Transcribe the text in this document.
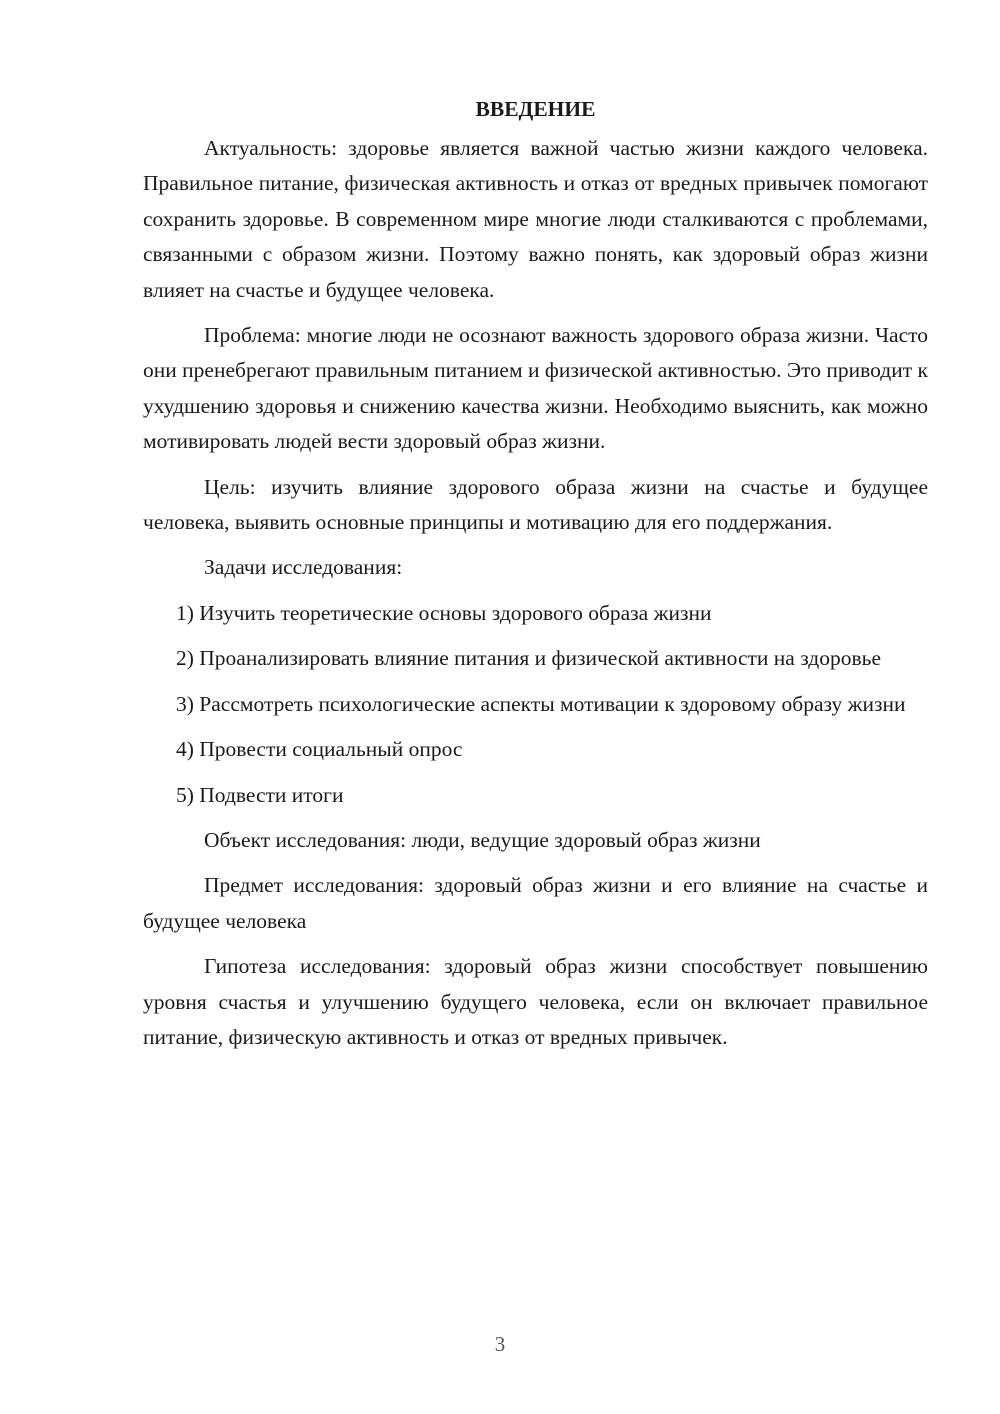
ВВЕДЕНИЕ

Актуальность: здоровье является важной частью жизни каждого человека. Правильное питание, физическая активность и отказ от вредных привычек помогают сохранить здоровье. В современном мире многие люди сталкиваются с проблемами, связанными с образом жизни. Поэтому важно понять, как здоровый образ жизни влияет на счастье и будущее человека.

Проблема: многие люди не осознают важность здорового образа жизни. Часто они пренебрегают правильным питанием и физической активностью. Это приводит к ухудшению здоровья и снижению качества жизни. Необходимо выяснить, как можно мотивировать людей вести здоровый образ жизни.

Цель: изучить влияние здорового образа жизни на счастье и будущее человека, выявить основные принципы и мотивацию для его поддержания.

Задачи исследования:

1) Изучить теоретические основы здорового образа жизни

2) Проанализировать влияние питания и физической активности на здоровье

3) Рассмотреть психологические аспекты мотивации к здоровому образу жизни

4) Провести социальный опрос

5) Подвести итоги

Объект исследования: люди, ведущие здоровый образ жизни

Предмет исследования: здоровый образ жизни и его влияние на счастье и будущее человека

Гипотеза исследования: здоровый образ жизни способствует повышению уровня счастья и улучшению будущего человека, если он включает правильное питание, физическую активность и отказ от вредных привычек.

3
